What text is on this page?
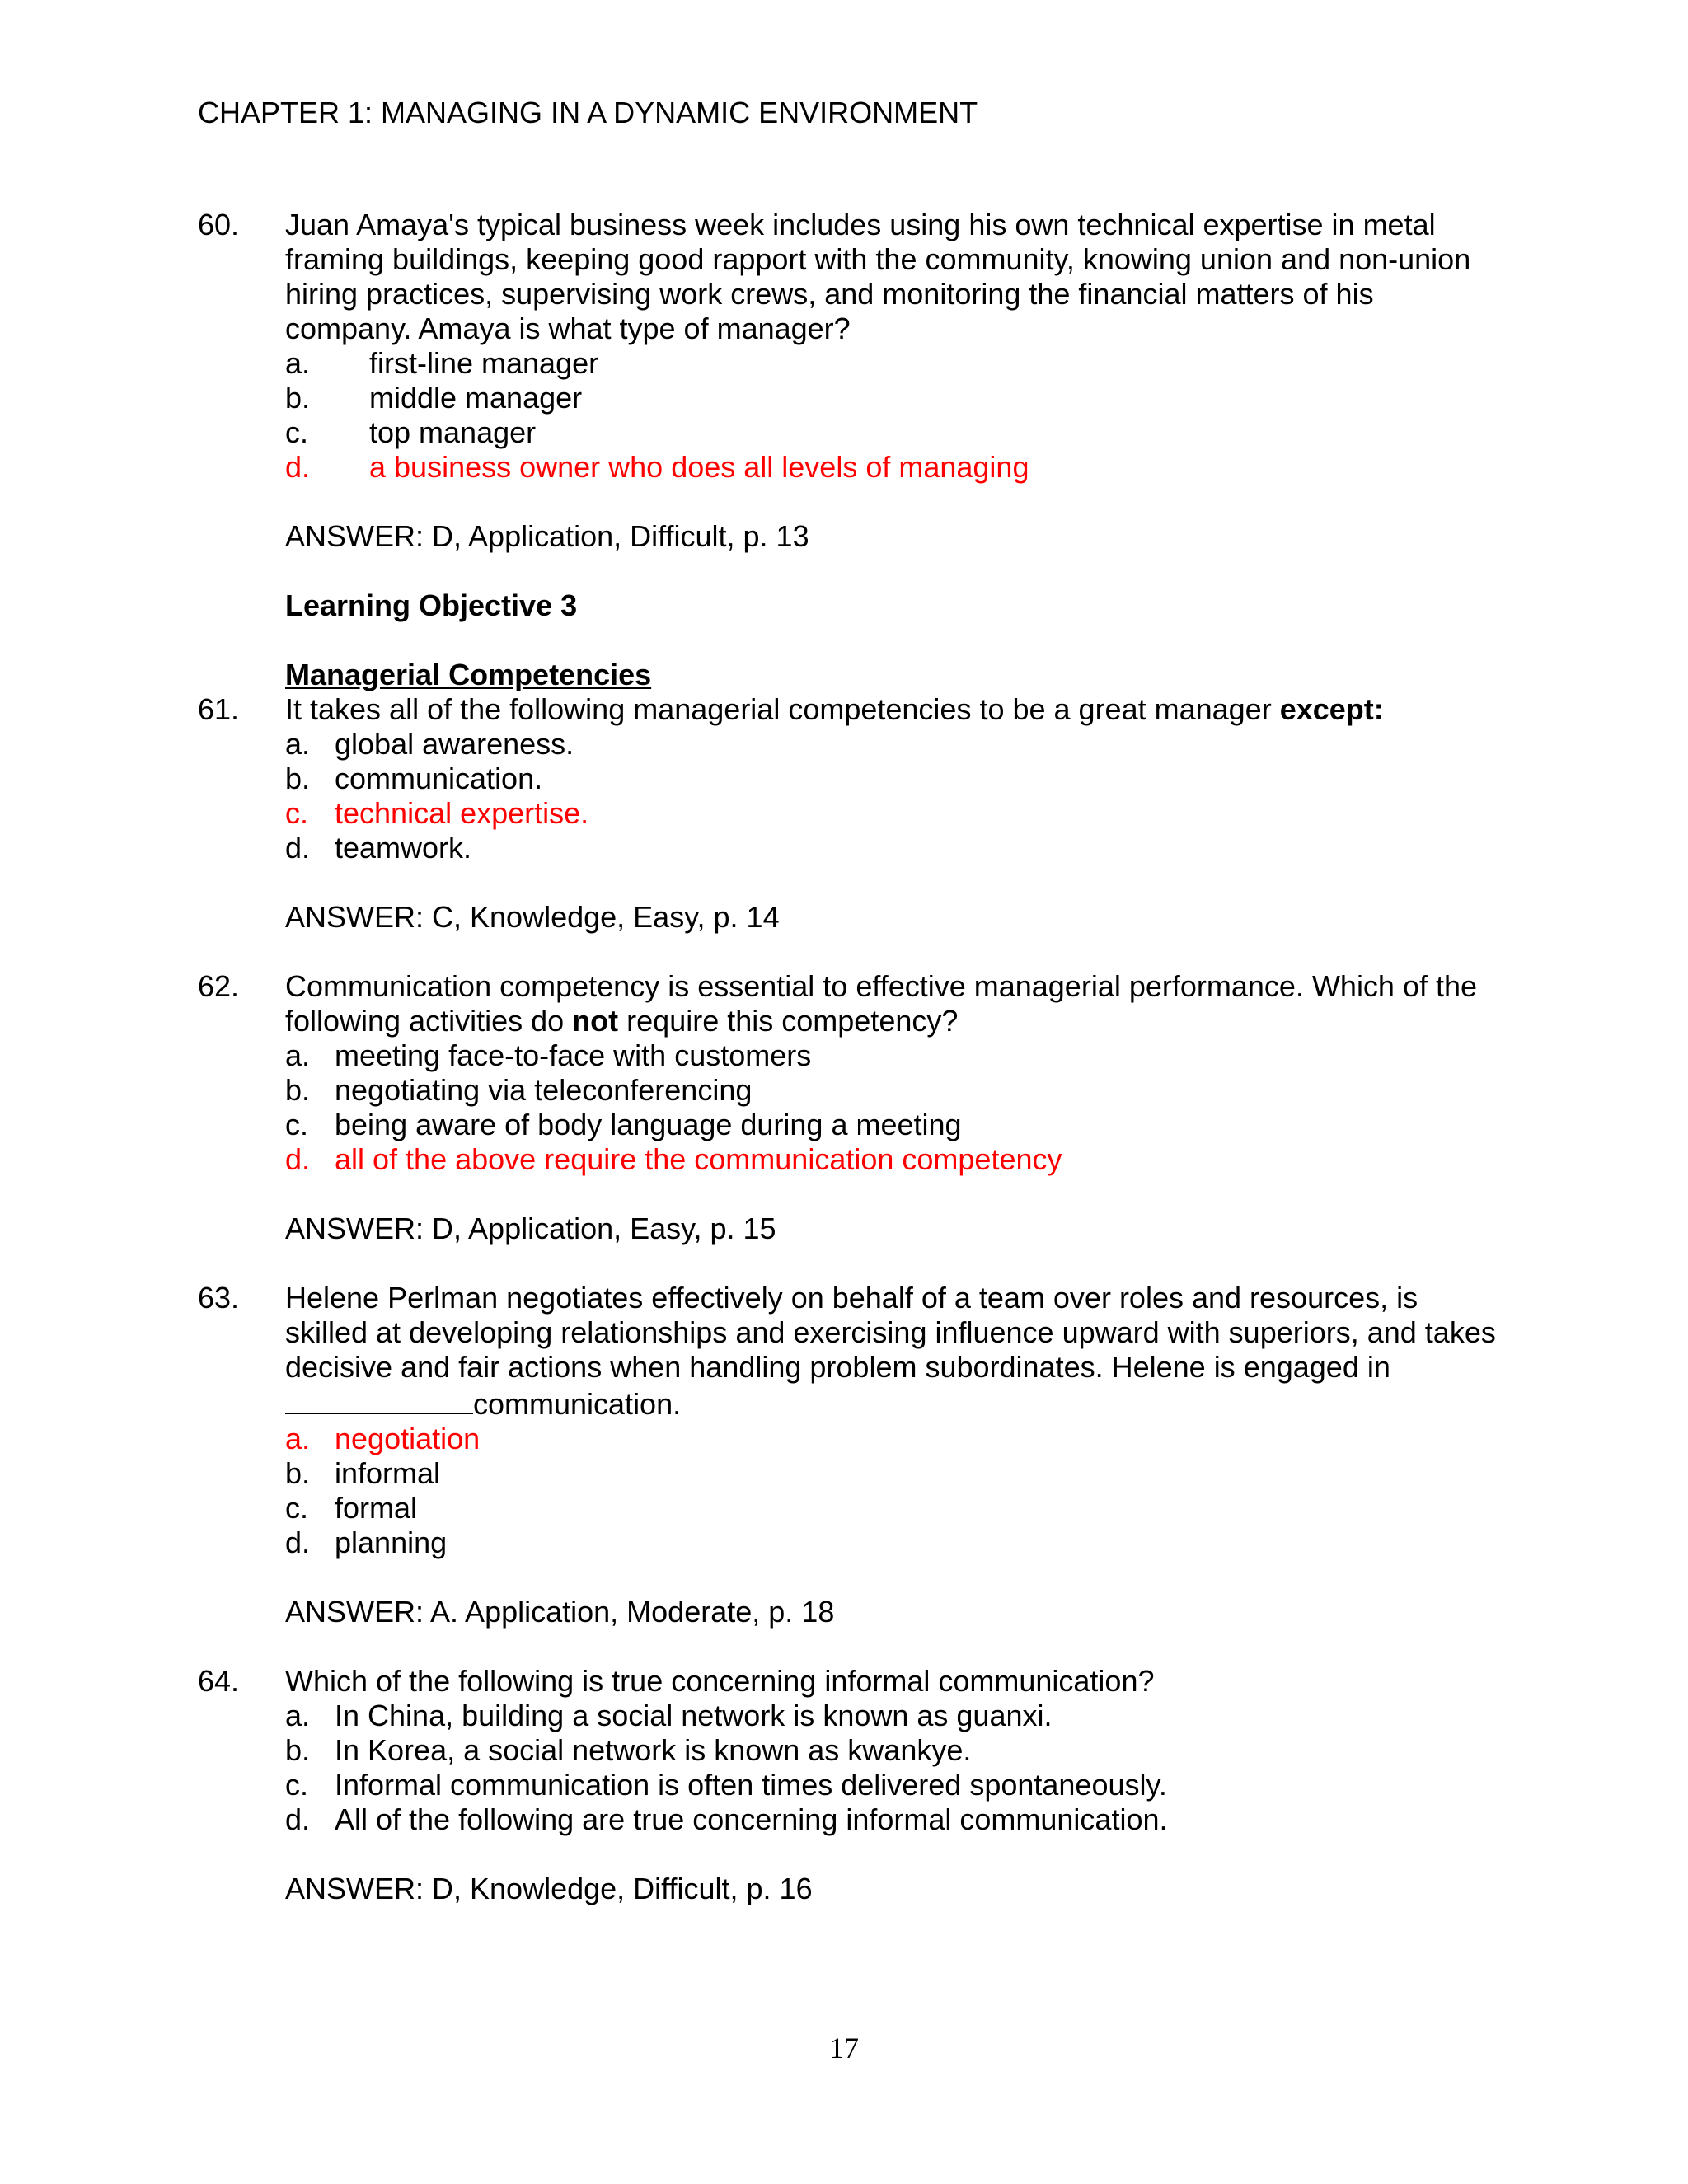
CHAPTER 1: MANAGING IN A DYNAMIC ENVIRONMENT
60.	Juan Amaya's typical business week includes using his own technical expertise in metal framing buildings, keeping good rapport with the community, knowing union and non-union hiring practices, supervising work crews, and monitoring the financial matters of his company. Amaya is what type of manager?
a.	first-line manager
b.	middle manager
c.	top manager
d.	a business owner who does all levels of managing
ANSWER: D, Application, Difficult, p. 13
Learning Objective 3
Managerial Competencies
61.	It takes all of the following managerial competencies to be a great manager except:
a. global awareness.
b. communication.
c. technical expertise.
d. teamwork.
ANSWER: C, Knowledge, Easy, p. 14
62.	Communication competency is essential to effective managerial performance. Which of the following activities do not require this competency?
a. meeting face-to-face with customers
b. negotiating via teleconferencing
c. being aware of body language during a meeting
d. all of the above require the communication competency
ANSWER: D, Application, Easy, p. 15
63.	Helene Perlman negotiates effectively on behalf of a team over roles and resources, is skilled at developing relationships and exercising influence upward with superiors, and takes decisive and fair actions when handling problem subordinates. Helene is engaged in communication.
a. negotiation
b. informal
c. formal
d. planning
ANSWER: A. Application, Moderate, p. 18
64.	Which of the following is true concerning informal communication?
a. In China, building a social network is known as guanxi.
b. In Korea, a social network is known as kwankye.
c. Informal communication is often times delivered spontaneously.
d. All of the following are true concerning informal communication.
ANSWER: D, Knowledge, Difficult, p. 16
17
